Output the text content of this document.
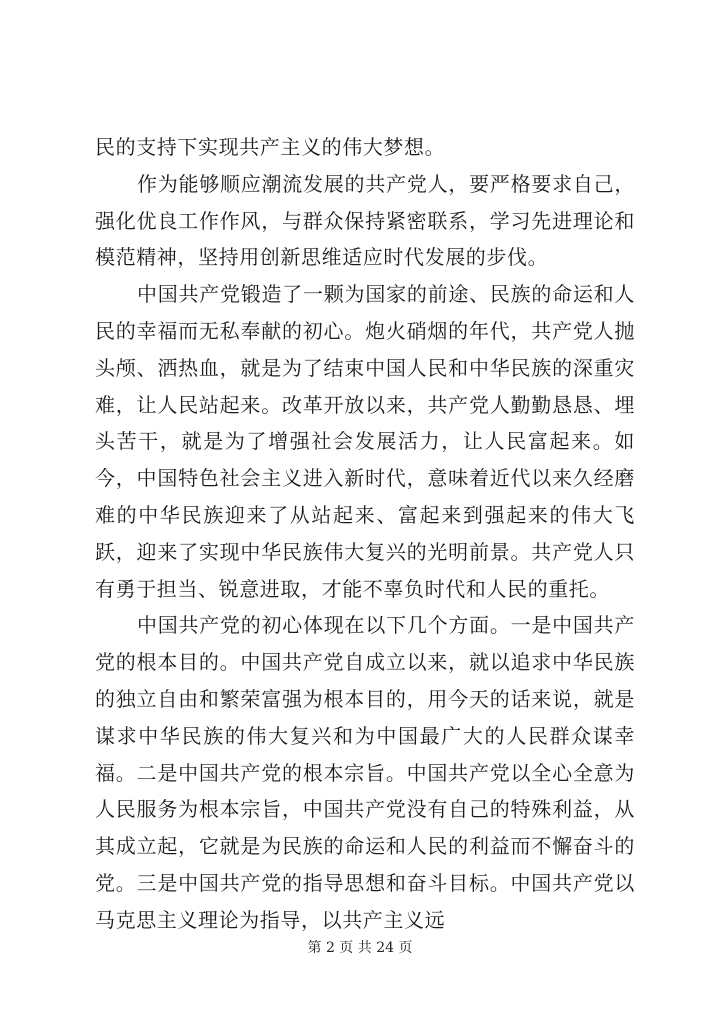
民的支持下实现共产主义的伟大梦想。

作为能够顺应潮流发展的共产党人，要严格要求自己，强化优良工作作风，与群众保持紧密联系，学习先进理论和模范精神，坚持用创新思维适应时代发展的步伐。

中国共产党锻造了一颗为国家的前途、民族的命运和人民的幸福而无私奉献的初心。炮火硝烟的年代，共产党人抛头颅、洒热血，就是为了结束中国人民和中华民族的深重灾难，让人民站起来。改革开放以来，共产党人勤勤恳恳、埋头苦干，就是为了增强社会发展活力，让人民富起来。如今，中国特色社会主义进入新时代，意味着近代以来久经磨难的中华民族迎来了从站起来、富起来到强起来的伟大飞跃，迎来了实现中华民族伟大复兴的光明前景。共产党人只有勇于担当、锐意进取，才能不辜负时代和人民的重托。

中国共产党的初心体现在以下几个方面。一是中国共产党的根本目的。中国共产党自成立以来，就以追求中华民族的独立自由和繁荣富强为根本目的，用今天的话来说，就是谋求中华民族的伟大复兴和为中国最广大的人民群众谋幸福。二是中国共产党的根本宗旨。中国共产党以全心全意为人民服务为根本宗旨，中国共产党没有自己的特殊利益，从其成立起，它就是为民族的命运和人民的利益而不懈奋斗的党。三是中国共产党的指导思想和奋斗目标。中国共产党以马克思主义理论为指导，以共产主义远

第 2 页 共 24 页
